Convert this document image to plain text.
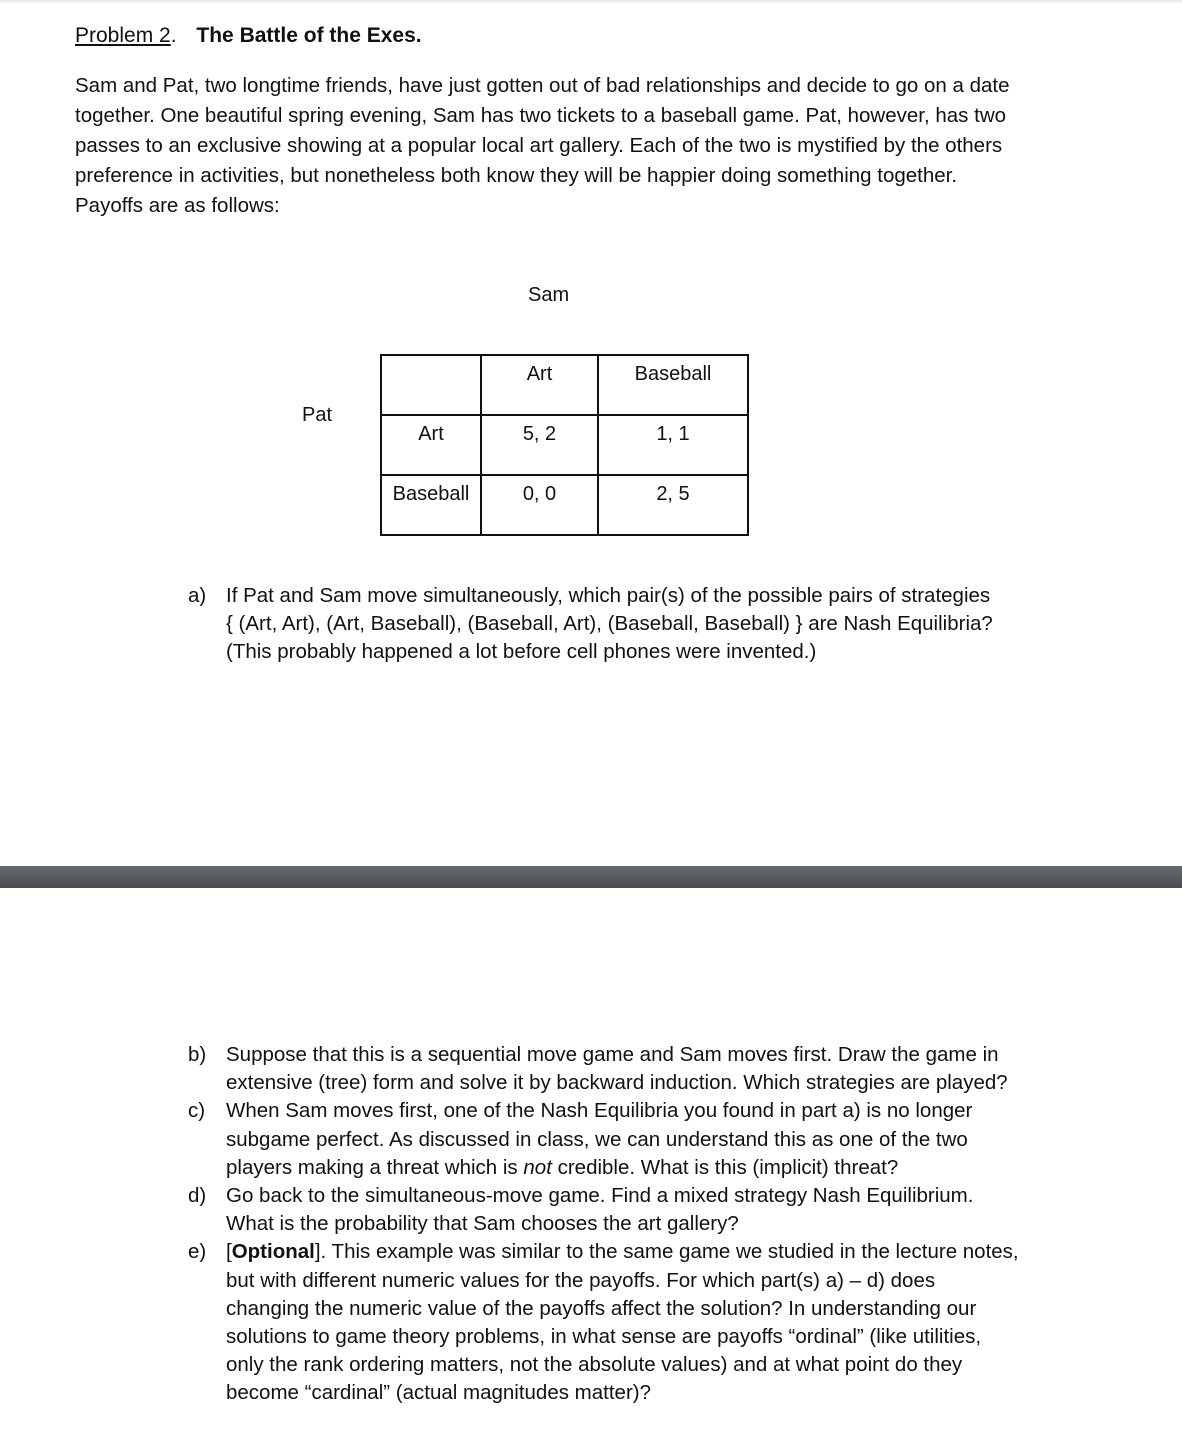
Problem 2. The Battle of the Exes.

Sam and Pat, two longtime friends, have just gotten out of bad relationships and decide to go on a date

together. One beautiful spring evening, Sam has two tickets to a baseball game. Pat, however, has two

passes to an exclusive showing at a popular local art gallery. Each of the two is mystified by the others

preference in activities, but nonetheless both know they will be happier doing something together.

Payoffs are as follows:

Sam
Pat

	Art	Baseball

Art	5, 2	1, 1

Baseball	0, 0	2, 5
a) If Pat and Sam move simultaneously, which pair(s) of the possible pairs of strategies

{ (Art, Art), (Art, Baseball), (Baseball, Art), (Baseball, Baseball) } are Nash Equilibria?

(This probably happened a lot before cell phones were invented.)

b) Suppose that this is a sequential move game and Sam moves first. Draw the game in

extensive (tree) form and solve it by backward induction. Which strategies are played?

c)	When Sam moves first, one of the Nash Equilibria you found in part a) is no longer

subgame perfect. As discussed in class, we can understand this as one of the two

players making a threat which is not credible. What is this (implicit) threat?

d) Go back to the simultaneous-move game. Find a mixed strategy Nash Equilibrium.

What is the probability that Sam chooses the art gallery?

e) [Optional]. This example was similar to the same game we studied in the lecture notes,

but with different numeric values for the payoffs. For which part(s) a) – d) does

changing the numeric value of the payoffs affect the solution? In understanding our

solutions to game theory problems, in what sense are payoffs “ordinal” (like utilities,

only the rank ordering matters, not the absolute values) and at what point do they

become “cardinal” (actual magnitudes matter)?
